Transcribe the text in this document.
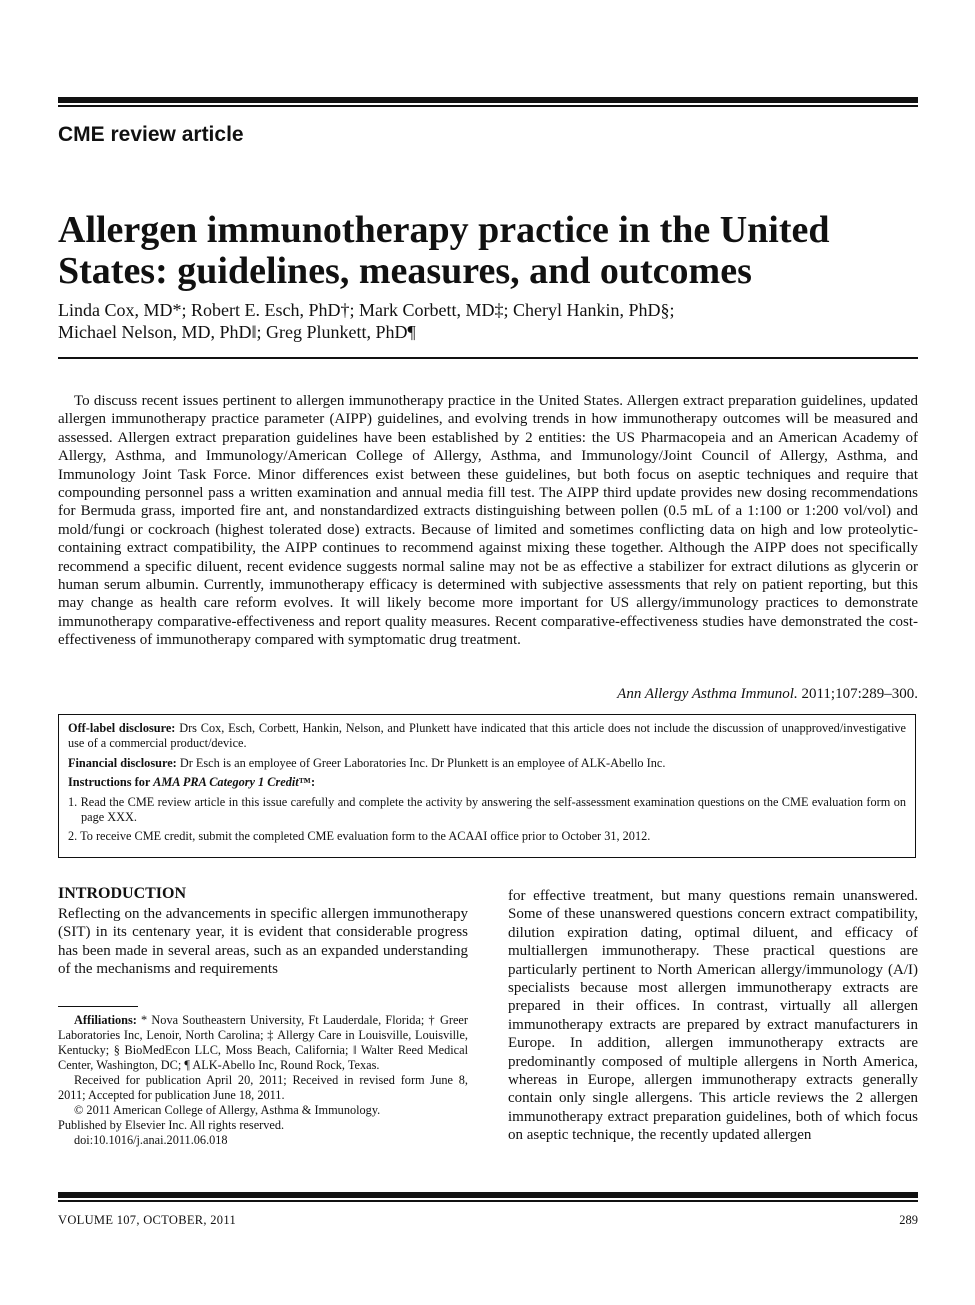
CME review article
Allergen immunotherapy practice in the United States: guidelines, measures, and outcomes
Linda Cox, MD*; Robert E. Esch, PhD†; Mark Corbett, MD‡; Cheryl Hankin, PhD§;
Michael Nelson, MD, PhD‖; Greg Plunkett, PhD¶

To discuss recent issues pertinent to allergen immunotherapy practice in the United States. Allergen extract preparation guidelines, updated allergen immunotherapy practice parameter (AIPP) guidelines, and evolving trends in how immunotherapy outcomes will be measured and assessed. Allergen extract preparation guidelines have been established by 2 entities: the US Pharmacopeia and an American Academy of Allergy, Asthma, and Immunology/American College of Allergy, Asthma, and Immunology/Joint Council of Allergy, Asthma, and Immunology Joint Task Force. Minor differences exist between these guidelines, but both focus on aseptic techniques and require that compounding personnel pass a written examination and annual media fill test. The AIPP third update provides new dosing recommendations for Bermuda grass, imported fire ant, and nonstandardized extracts distinguishing between pollen (0.5 mL of a 1:100 or 1:200 vol/vol) and mold/fungi or cockroach (highest tolerated dose) extracts. Because of limited and sometimes conflicting data on high and low proteolytic-containing extract compatibility, the AIPP continues to recommend against mixing these together. Although the AIPP does not specifically recommend a specific diluent, recent evidence suggests normal saline may not be as effective a stabilizer for extract dilutions as glycerin or human serum albumin. Currently, immunotherapy efficacy is determined with subjective assessments that rely on patient reporting, but this may change as health care reform evolves. It will likely become more important for US allergy/immunology practices to demonstrate immunotherapy comparative-effectiveness and report quality measures. Recent comparative-effectiveness studies have demonstrated the cost-effectiveness of immunotherapy compared with symptomatic drug treatment.

Ann Allergy Asthma Immunol. 2011;107:289–300.

Off-label disclosure: Drs Cox, Esch, Corbett, Hankin, Nelson, and Plunkett have indicated that this article does not include the discussion of unapproved/investigative use of a commercial product/device.

Financial disclosure: Dr Esch is an employee of Greer Laboratories Inc. Dr Plunkett is an employee of ALK-Abello Inc.

Instructions for AMA PRA Category 1 Credit™:

1. Read the CME review article in this issue carefully and complete the activity by answering the self-assessment examination questions on the CME evaluation form on page XXX.
2. To receive CME credit, submit the completed CME evaluation form to the ACAAI office prior to October 31, 2012.
INTRODUCTION

Reflecting on the advancements in specific allergen immunotherapy (SIT) in its centenary year, it is evident that considerable progress has been made in several areas, such as an expanded understanding of the mechanisms and requirements

Affiliations: * Nova Southeastern University, Ft Lauderdale, Florida; † Greer Laboratories Inc, Lenoir, North Carolina; ‡ Allergy Care in Louisville, Louisville, Kentucky; § BioMedEcon LLC, Moss Beach, California; ‖ Walter Reed Medical Center, Washington, DC; ¶ ALK-Abello Inc, Round Rock, Texas.

Received for publication April 20, 2011; Received in revised form June 8, 2011; Accepted for publication June 18, 2011.

© 2011 American College of Allergy, Asthma & Immunology.

Published by Elsevier Inc. All rights reserved.

doi:10.1016/j.anai.2011.06.018

for effective treatment, but many questions remain unanswered. Some of these unanswered questions concern extract compatibility, dilution expiration dating, optimal diluent, and efficacy of multiallergen immunotherapy. These practical questions are particularly pertinent to North American allergy/immunology (A/I) specialists because most allergen immunotherapy extracts are prepared in their offices. In contrast, virtually all allergen immunotherapy extracts are prepared by extract manufacturers in Europe. In addition, allergen immunotherapy extracts are predominantly composed of multiple allergens in North America, whereas in Europe, allergen immunotherapy extracts generally contain only single allergens. This article reviews the 2 allergen immunotherapy extract preparation guidelines, both of which focus on aseptic technique, the recently updated allergen

VOLUME 107, OCTOBER, 2011	289
